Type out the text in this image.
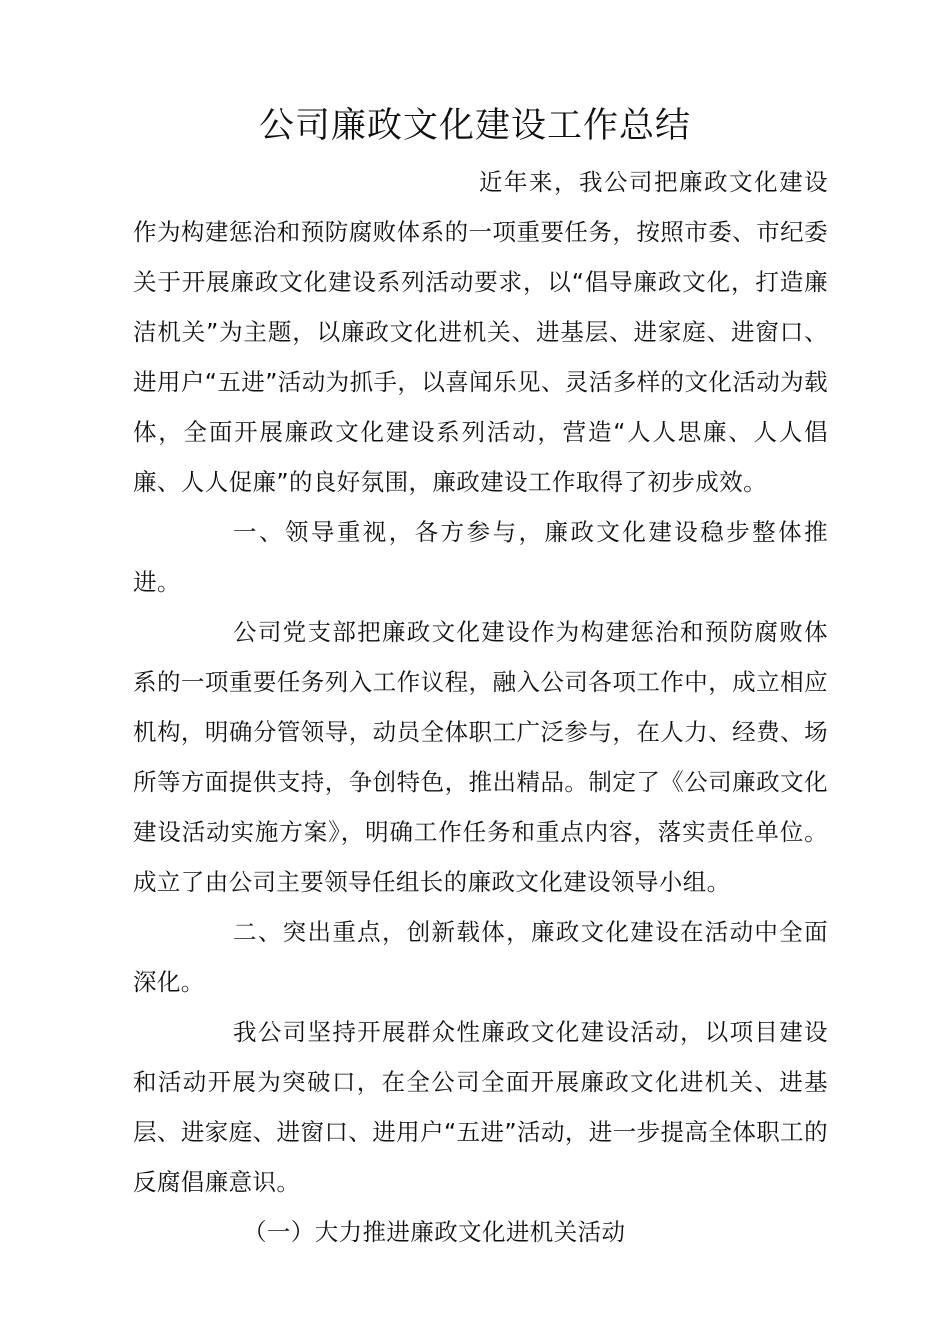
公司廉政文化建设工作总结

近年来，我公司把廉政文化建设作为构建惩治和预防腐败体系的一项重要任务，按照市委、市纪委关于开展廉政文化建设系列活动要求，以“倡导廉政文化，打造廉洁机关”为主题，以廉政文化进机关、进基层、进家庭、进窗口、进用户“五进”活动为抓手，以喜闻乐见、灵活多样的文化活动为载体，全面开展廉政文化建设系列活动，营造“人人思廉、人人倡廉、人人促廉”的良好氛围，廉政建设工作取得了初步成效。

一、领导重视，各方参与，廉政文化建设稳步整体推进。

公司党支部把廉政文化建设作为构建惩治和预防腐败体系的一项重要任务列入工作议程，融入公司各项工作中，成立相应机构，明确分管领导，动员全体职工广泛参与，在人力、经费、场所等方面提供支持，争创特色，推出精品。制定了《公司廉政文化建设活动实施方案》，明确工作任务和重点内容，落实责任单位。成立了由公司主要领导任组长的廉政文化建设领导小组。

二、突出重点，创新载体，廉政文化建设在活动中全面深化。

我公司坚持开展群众性廉政文化建设活动，以项目建设和活动开展为突破口，在全公司全面开展廉政文化进机关、进基层、进家庭、进窗口、进用户“五进”活动，进一步提高全体职工的反腐倡廉意识。

（一）大力推进廉政文化进机关活动
